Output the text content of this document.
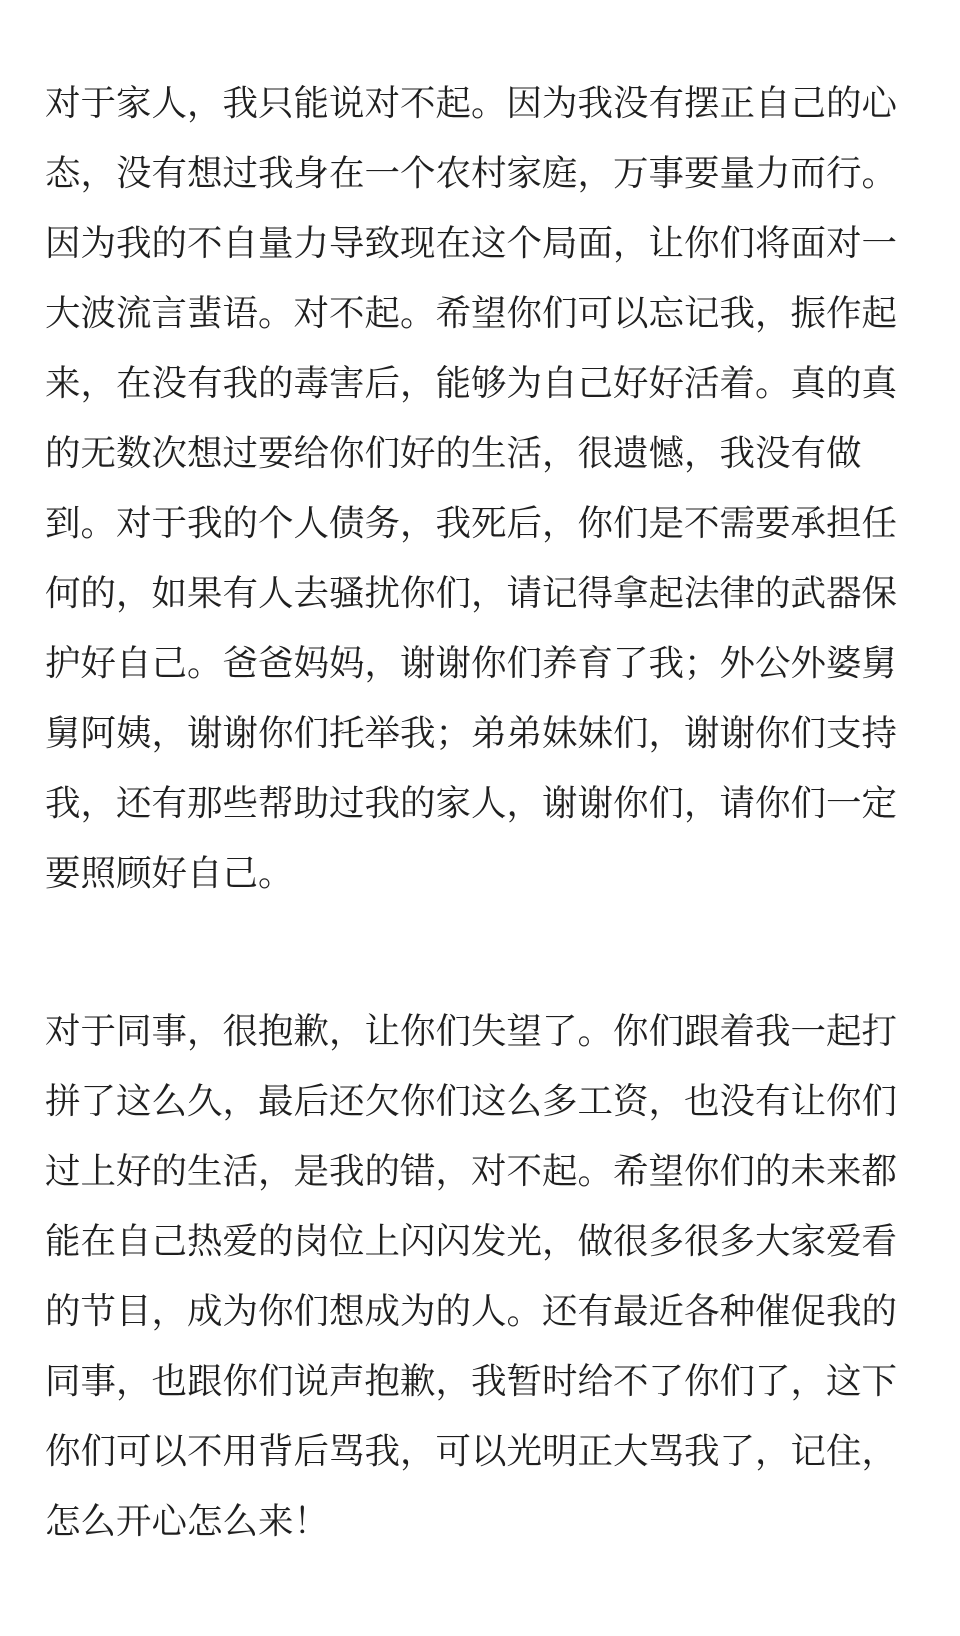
对于家人，我只能说对不起。因为我没有摆正自己的心
态，没有想过我身在一个农村家庭，万事要量力而行。
因为我的不自量力导致现在这个局面，让你们将面对一
大波流言蜚语。对不起。希望你们可以忘记我，振作起
来，在没有我的毒害后，能够为自己好好活着。真的真
的无数次想过要给你们好的生活，很遗憾，我没有做
到。对于我的个人债务，我死后，你们是不需要承担任
何的，如果有人去骚扰你们，请记得拿起法律的武器保
护好自己。爸爸妈妈，谢谢你们养育了我；外公外婆舅
舅阿姨，谢谢你们托举我；弟弟妹妹们，谢谢你们支持
我，还有那些帮助过我的家人，谢谢你们，请你们一定
要照顾好自己。
对于同事，很抱歉，让你们失望了。你们跟着我一起打
拼了这么久，最后还欠你们这么多工资，也没有让你们
过上好的生活，是我的错，对不起。希望你们的未来都
能在自己热爱的岗位上闪闪发光，做很多很多大家爱看
的节目，成为你们想成为的人。还有最近各种催促我的
同事，也跟你们说声抱歉，我暂时给不了你们了，这下
你们可以不用背后骂我，可以光明正大骂我了，记住，
怎么开心怎么来！
